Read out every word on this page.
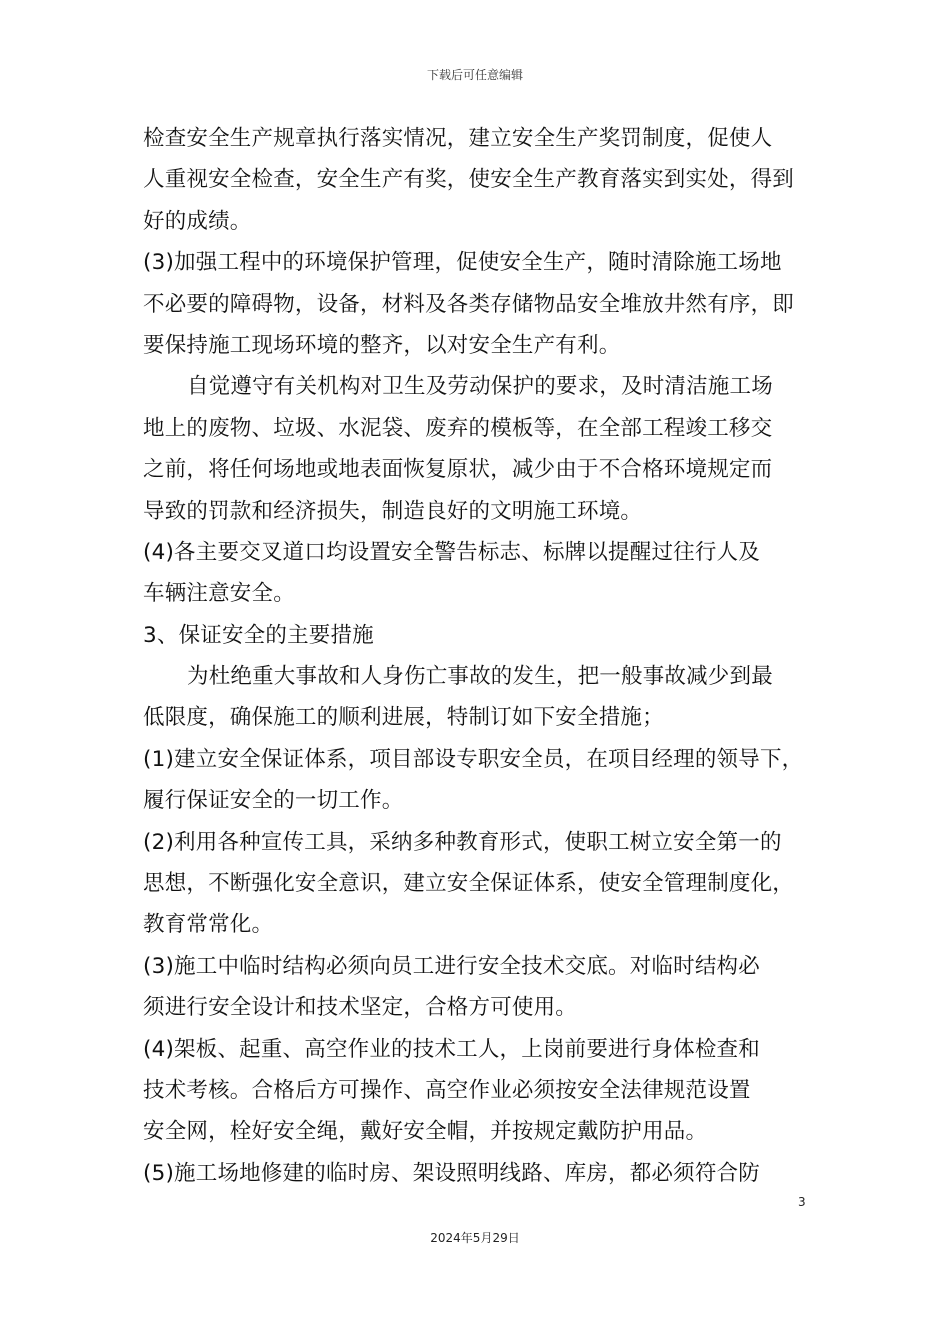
下载后可任意编辑
检查安全生产规章执行落实情况，建立安全生产奖罚制度，促使人
人重视安全检查，安全生产有奖，使安全生产教育落实到实处，得到
好的成绩。
(3)加强工程中的环境保护管理，促使安全生产，随时清除施工场地
不必要的障碍物，设备，材料及各类存储物品安全堆放井然有序，即
要保持施工现场环境的整齐，以对安全生产有利。
自觉遵守有关机构对卫生及劳动保护的要求，及时清洁施工场
地上的废物、垃圾、水泥袋、废弃的模板等，在全部工程竣工移交
之前，将任何场地或地表面恢复原状，减少由于不合格环境规定而
导致的罚款和经济损失，制造良好的文明施工环境。
(4)各主要交叉道口均设置安全警告标志、标牌以提醒过往行人及
车辆注意安全。
3、保证安全的主要措施
为杜绝重大事故和人身伤亡事故的发生，把一般事故减少到最
低限度，确保施工的顺利进展，特制订如下安全措施；
(1)建立安全保证体系，项目部设专职安全员，在项目经理的领导下，
履行保证安全的一切工作。
(2)利用各种宣传工具，采纳多种教育形式，使职工树立安全第一的
思想，不断强化安全意识，建立安全保证体系，使安全管理制度化，
教育常常化。
(3)施工中临时结构必须向员工进行安全技术交底。对临时结构必
须进行安全设计和技术坚定，合格方可使用。
(4)架板、起重、高空作业的技术工人，上岗前要进行身体检查和
技术考核。合格后方可操作、高空作业必须按安全法律规范设置
安全网，栓好安全绳，戴好安全帽，并按规定戴防护用品。
(5)施工场地修建的临时房、架设照明线路、库房，都必须符合防
3
2024年5月29日
